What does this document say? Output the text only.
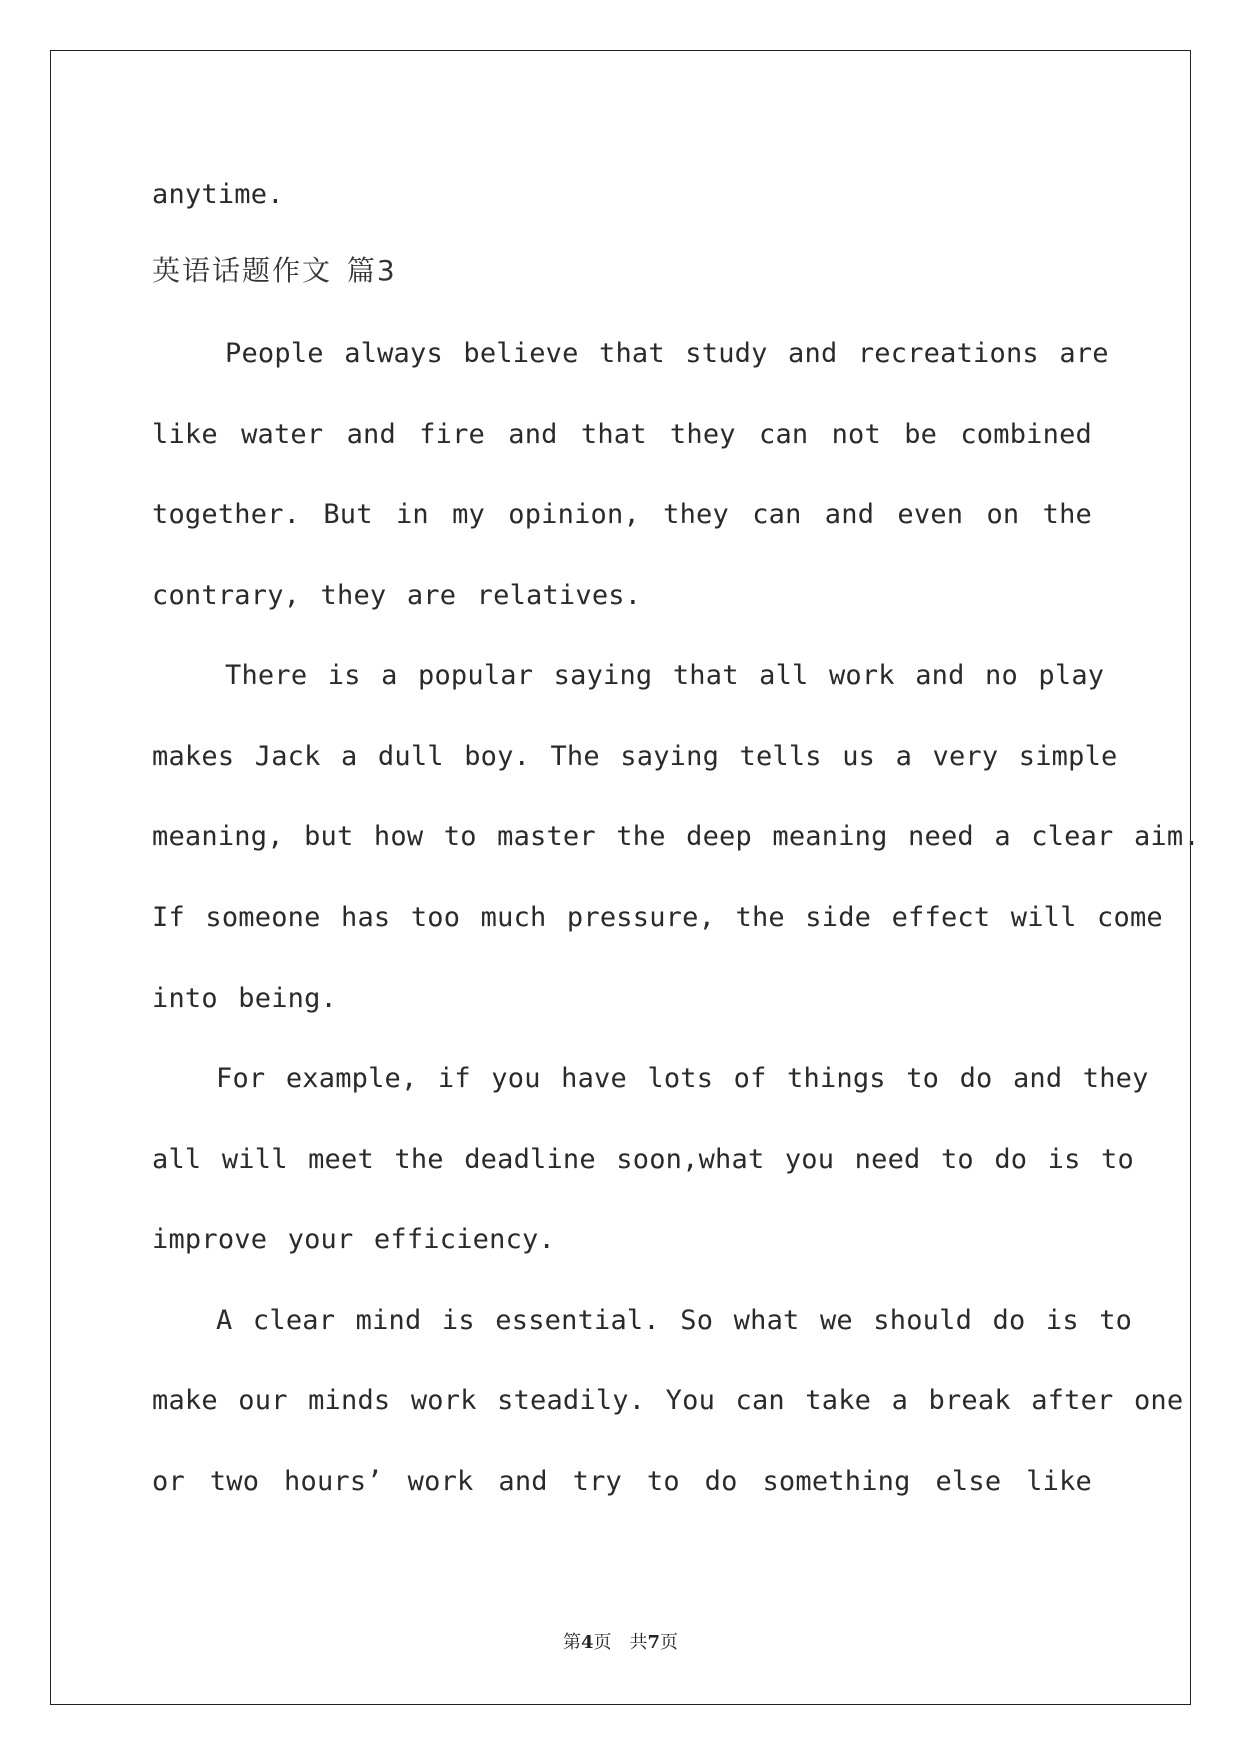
anytime.
英语话题作文 篇3
People always believe that study and recreations are
like water and fire and that they can not be combined
together. But in my opinion, they can and even on the
contrary, they are relatives.
There is a popular saying that all work and no play
makes Jack a dull boy. The saying tells us a very simple
meaning, but how to master the deep meaning need a clear aim.
If someone has too much pressure, the side effect will come
into being.
For example, if you have lots of things to do and they
all will meet the deadline soon,what you need to do is to
improve your efficiency.
A clear mind is essential. So what we should do is to
make our minds work steadily. You can take a break after one
or two hours’ work and try to do something else like
第4页 共7页
